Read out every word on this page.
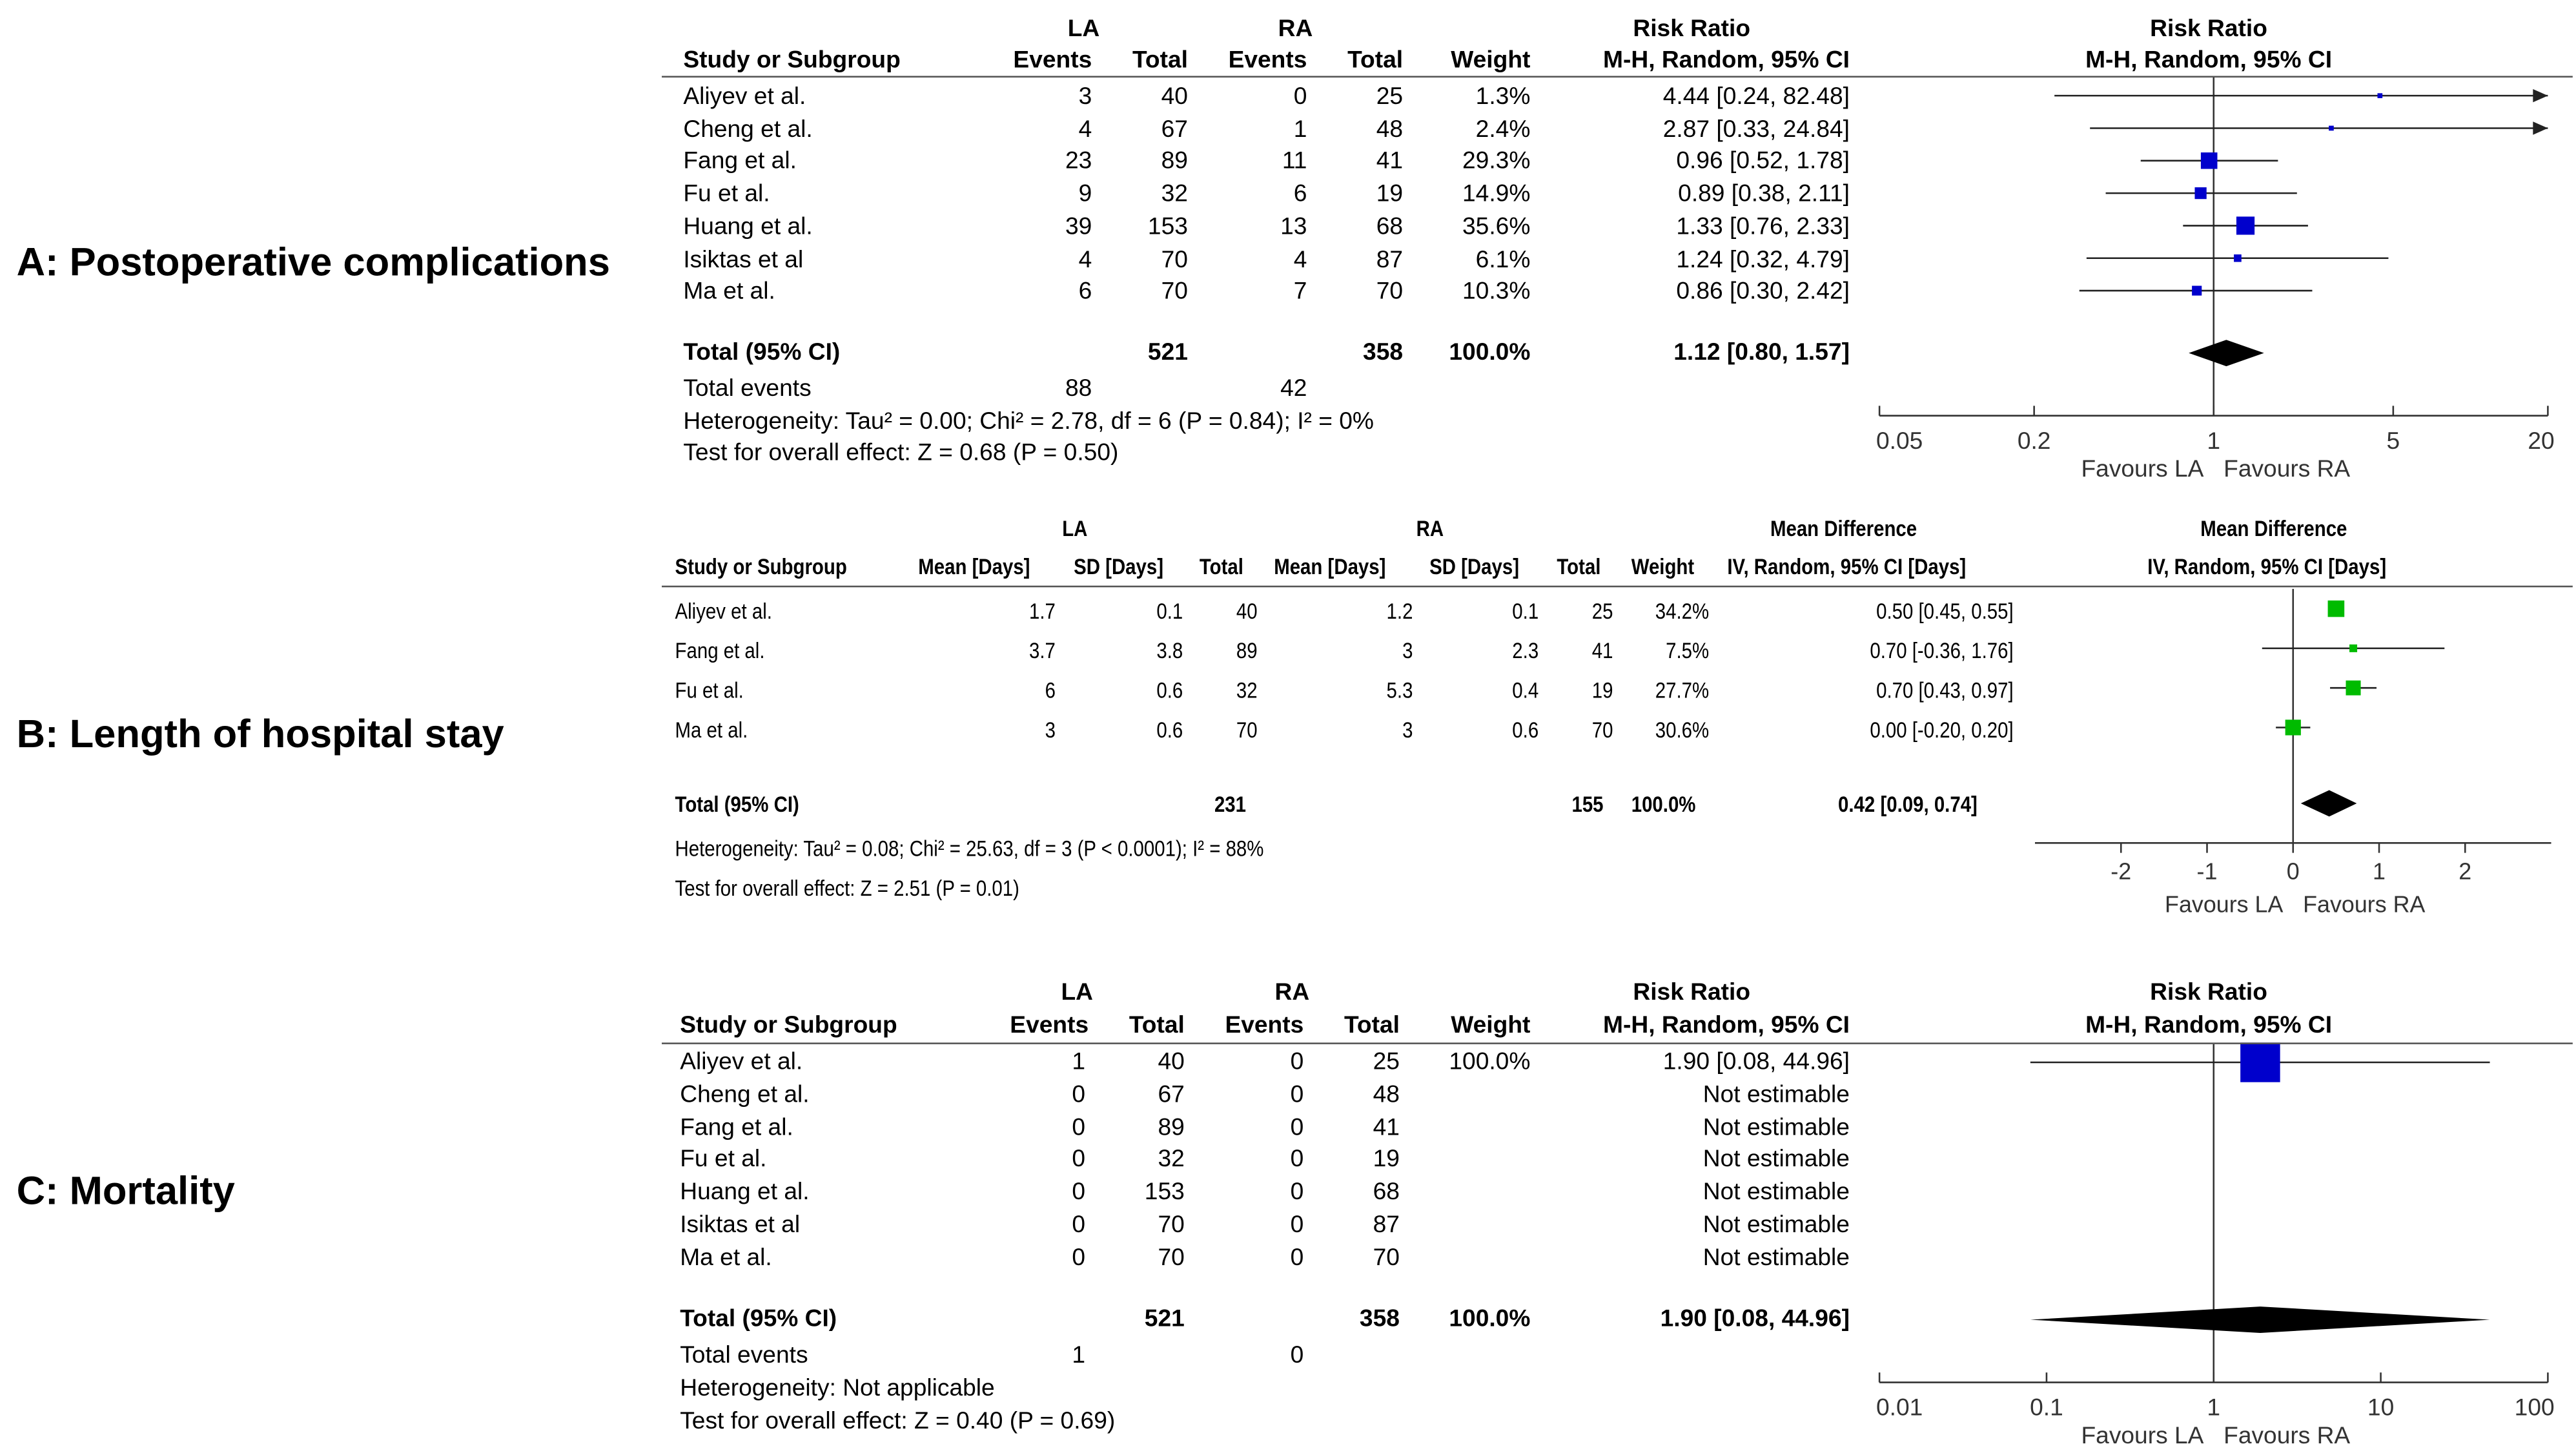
A: Postoperative complications
LA	RA	Risk Ratio	Risk Ratio
Study or Subgroup	Events	Total	Events	Total	Weight	M-H, Random, 95% CI	M-H, Random, 95% CI
Aliyev et al.	3	40	0	25	1.3%	4.44 [0.24, 82.48]
Cheng et al.	4	67	1	48	2.4%	2.87 [0.33, 24.84]
Fang et al.	23	89	11	41	29.3%	0.96 [0.52, 1.78]
Fu et al.	9	32	6	19	14.9%	0.89 [0.38, 2.11]
Huang et al.	39	153	13	68	35.6%	1.33 [0.76, 2.33]
Isiktas et al	4	70	4	87	6.1%	1.24 [0.32, 4.79]
Ma et al.	6	70	7	70	10.3%	0.86 [0.30, 2.42]
Total (95% CI)	521	358	100.0%	1.12 [0.80, 1.57]
Total events	88	42
Heterogeneity: Tau² = 0.00; Chi² = 2.78, df = 6 (P = 0.84); I² = 0%
Test for overall effect: Z = 0.68 (P = 0.50)	0.05	0.2	1	5	20
Favours LA Favours RA
-2	-1	0	1	2
Favours LA Favours RA
0.01	0.1	1	10	100
Favours LA Favours RA
B: Length of hospital stay
LA	RA	Mean Difference	Mean Difference
Study or Subgroup	Mean [Days]	SD [Days]	Total	Mean [Days]	SD [Days]	Total	Weight	IV, Random, 95% CI [Days]	IV, Random, 95% CI [Days]
Aliyev et al.	1.7	0.1	40	1.2	0.1	25	34.2%	0.50 [0.45, 0.55]
Fang et al.	3.7	3.8	89	3	2.3	41	7.5%	0.70 [-0.36, 1.76]
Fu et al.	6	0.6	32	5.3	0.4	19	27.7%	0.70 [0.43, 0.97]
Ma et al.	3	0.6	70	3	0.6	70	30.6%	0.00 [-0.20, 0.20]
Total (95% CI)	231	155	100.0%	0.42 [0.09, 0.74]
Heterogeneity: Tau² = 0.08; Chi² = 25.63, df = 3 (P < 0.0001); I² = 88%
Test for overall effect: Z = 2.51 (P = 0.01)
C: Mortality
LA	RA	Risk Ratio	Risk Ratio
Study or Subgroup	Events	Total	Events	Total	Weight	M-H, Random, 95% CI	M-H, Random, 95% CI
Aliyev et al.	1	40	0	25	100.0%	1.90 [0.08, 44.96]
Cheng et al.	0	67	0	48	Not estimable
Fang et al.	0	89	0	41	Not estimable
Fu et al.	0	32	0	19	Not estimable
Huang et al.	0	153	0	68	Not estimable
Isiktas et al	0	70	0	87	Not estimable
Ma et al.	0	70	0	70	Not estimable
Total (95% CI)	521	358	100.0%	1.90 [0.08, 44.96]
Total events	1	0
Heterogeneity: Not applicable
Test for overall effect: Z = 0.40 (P = 0.69)
